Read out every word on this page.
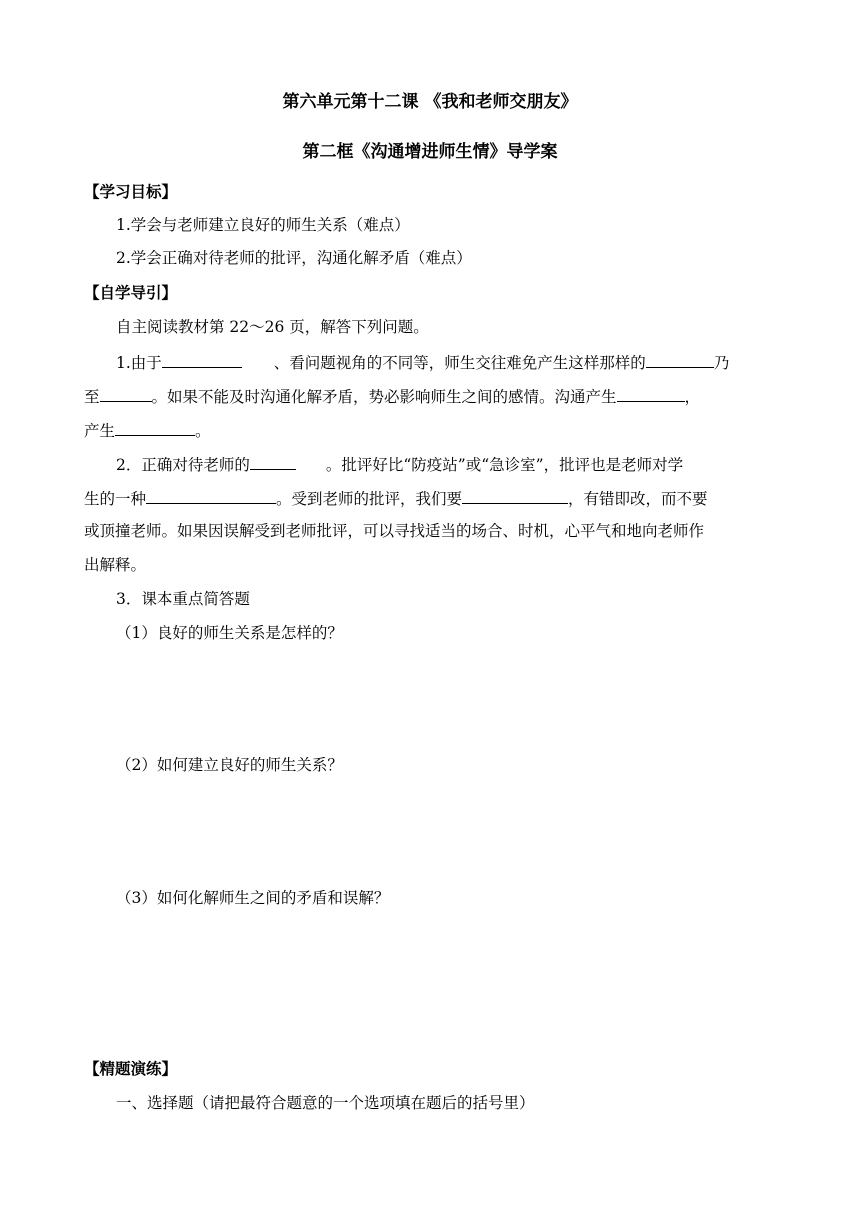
第六单元第十二课 《我和老师交朋友》
第二框《沟通增进师生情》导学案
【学习目标】
1.学会与老师建立良好的师生关系（难点）
2.学会正确对待老师的批评，沟通化解矛盾（难点）
【自学导引】
自主阅读教材第 22～26 页，解答下列问题。
1.由于	、看问题视角的不同等，师生交往难免产生这样那样的	乃
至	。如果不能及时沟通化解矛盾，势必影响师生之间的感情。沟通产生	，
产生	。
2．正确对待老师的	。批评好比“防疫站”或“急诊室”，批评也是老师对学
生的一种	。受到老师的批评，我们要	，有错即改，而不要
或顶撞老师。如果因误解受到老师批评，可以寻找适当的场合、时机，心平气和地向老师作
出解释。
3．课本重点简答题
（1）良好的师生关系是怎样的？
（2）如何建立良好的师生关系？
（3）如何化解师生之间的矛盾和误解？
【精题演练】
一、选择题（请把最符合题意的一个选项填在题后的括号里）
